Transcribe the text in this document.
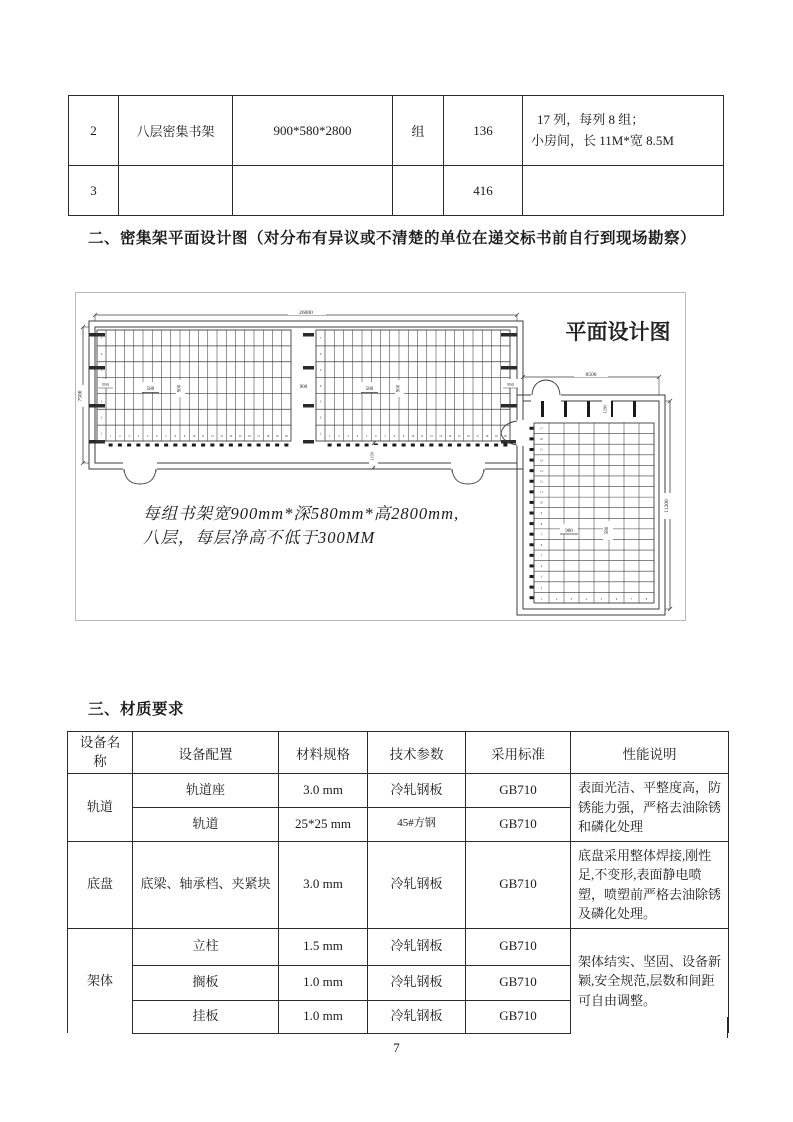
2	八层密集书架	900*580*2800	组	136	17 列，每列 8 组；
小房间，长 11M*宽 8.5M

3				416	
二、密集架平面设计图（对分布有异议或不清楚的单位在递交标书前自行到现场勘察）
26000
7500
7
6
5
3
2
1
1	2	3	4	5	6	7	8	9	10 11 12 13 14 15 16 17 18 19 20
7
6
5
4
3
2
1
1	2	3	4	5	6	7	8	9	10 11 12 13 14 15 16 17 18 19 20
950
580	900	900	580	900
950
1150
8500
11200
1290
17
16
15
14
13
12
11
10
9
8
7
6
5
4
3
2
1	2	3	4	5	6	7	8
900	580
平面设计图
每组书架宽900mm*深580mm*高2800mm,
八层，每层净高不低于300MM
三、材质要求
设备名称	设备配置	材料规格	技术参数	采用标准	性能说明
轨道	轨道座	3.0 mm	冷轧钢板	GB710	表面光洁、平整度高，防锈能力强，严格去油除锈和磷化处理
	轨道	25*25 mm	45#方钢	GB710	
底盘	底梁、轴承档、夹紧块	3.0 mm	冷轧钢板	GB710	底盘采用整体焊接,刚性足,不变形,表面静电喷塑，喷塑前严格去油除锈及磷化处理。
架体	立柱	1.5 mm	冷轧钢板	GB710	架体结实、坚固、设备新颖,安全规范,层数和间距可自由调整。
	搁板	1.0 mm	冷轧钢板	GB710	
	挂板	1.0 mm	冷轧钢板	GB710	
7
